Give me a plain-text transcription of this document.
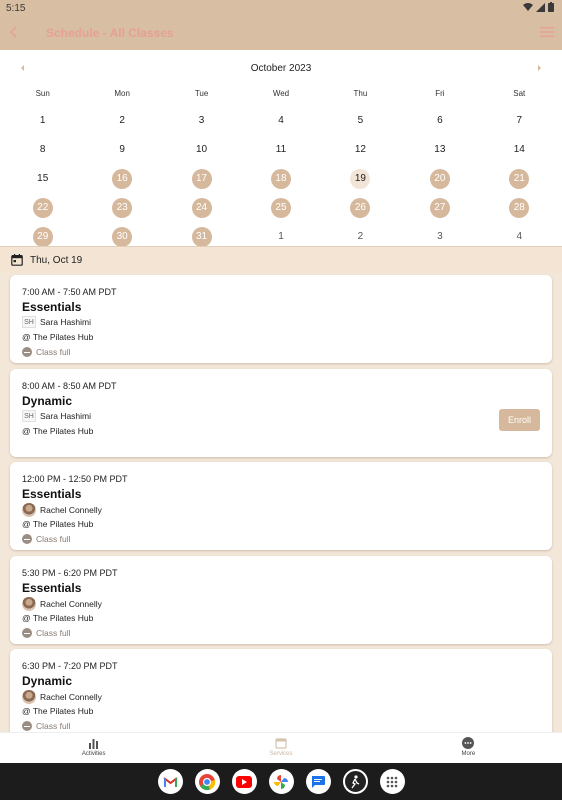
5:15
Schedule - All Classes
October 2023
Sun	Mon	Tue	Wed	Thu	Fri	Sat
1	2	3	4	5	6	7
8	9	10	11	12	13	14
15	16	17	18	19	20	21
22	23	24	25	26	27	28
29	30	31	1	2	3	4
Thu, Oct 19
7:00 AM - 7:50 AM PDT
Essentials
SH Sara Hashimi
@ The Pilates Hub
Class full
8:00 AM - 8:50 AM PDT
Dynamic
SH Sara Hashimi
@ The Pilates Hub
Enroll
12:00 PM - 12:50 PM PDT
Essentials
Rachel Connelly
@ The Pilates Hub
Class full
5:30 PM - 6:20 PM PDT
Essentials
Rachel Connelly
@ The Pilates Hub
Class full
6:30 PM - 7:20 PM PDT
Dynamic
Rachel Connelly
@ The Pilates Hub
Class full
Activities	Services	More
